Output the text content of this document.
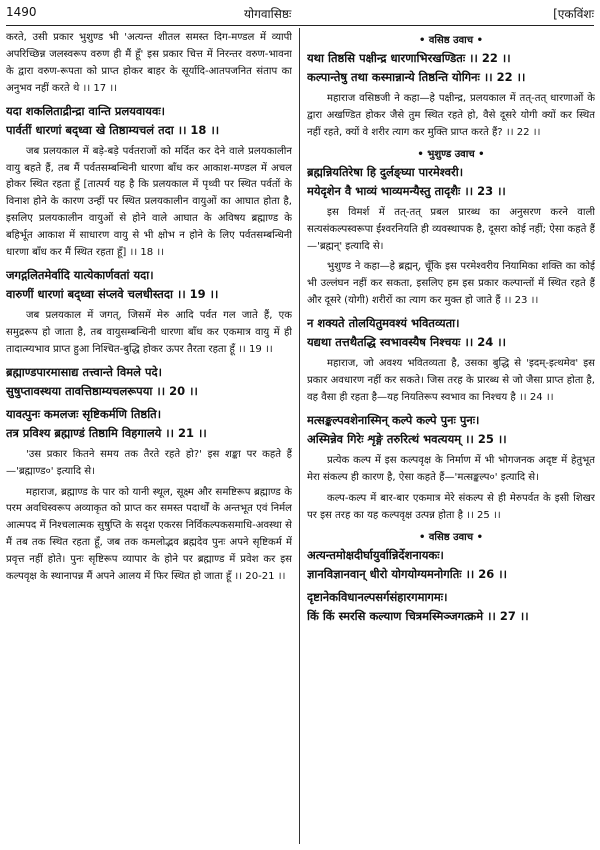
1490	योगवासिष्ठः	[एकविंशः

करते, उसी प्रकार भुशुण्ड भी 'अत्यन्त शीतल समस्त दिग-मण्डल में व्यापी अपरिच्छिन्न जलस्वरूप वरुण ही मैं हूँ' इस प्रकार चित्त में निरन्तर वरुण-भावना के द्वारा वरुण-रूपता को प्राप्त होकर बाहर के सूर्यादि-आतपजनित संताप का अनुभव नहीं करते थे ।। 17 ।।

यदा शकलिताद्रीन्द्रा वान्ति प्रलयवायवः।
पार्वतीं धारणां बद्ध्वा खे तिष्ठाम्यचलं तदा ।। 18 ।।

जब प्रलयकाल में बड़े-बड़े पर्वतराजों को मर्दित कर देने वाले प्रलयकालीन वायु बहते हैं, तब मैं पर्वतसम्बन्धिनी धारणा बाँध कर आकाश-मण्डल में अचल होकर स्थित रहता हूँ [तात्पर्य यह है कि प्रलयकाल में पृथ्वी पर स्थित पर्वतों के विनाश होने के कारण उन्हीं पर स्थित प्रलयकालीन वायुओं का आघात होता है, इसलिए प्रलयकालीन वायुओं से होने वाले आघात के अविषय ब्रह्माण्ड के बहिर्भूत आकाश में साधारण वायु से भी क्षोभ न होने के लिए पर्वतसम्बन्धिनी धारणा बाँध कर मैं स्थित रहता हूँ] ।। 18 ।।

जगद्गलितमेर्वादि यात्येकार्णवतां यदा।
वारुणीं धारणां बद्ध्वा संप्लवे चलधीस्तदा ।। 19 ।।

जब प्रलयकाल में जगत्, जिसमें मेरु आदि पर्वत गल जाते हैं, एक समुद्ररूप हो जाता है, तब वायुसम्बन्धिनी धारणा बाँध कर एकमात्र वायु में ही तादात्म्यभाव प्राप्त हुआ निश्चित-बुद्धि होकर ऊपर तैरता रहता हूँ ।। 19 ।।

ब्रह्माण्डपारमासाद्य तत्त्वान्ते विमले पदे।
सुषुप्तावस्थया तावत्तिष्ठाम्यचलरूपया ।। 20 ।।
यावत्पुनः कमलजः सृष्टिकर्मणि तिष्ठति।
तत्र प्रविश्य ब्रह्माण्डं तिष्ठामि विहगालये ।। 21 ।।

'उस प्रकार कितने समय तक तैरते रहते हो?' इस शङ्का पर कहते हैं—'ब्रह्माण्ड०' इत्यादि से।

महाराज, ब्रह्माण्ड के पार को यानी स्थूल, सूक्ष्म और समष्टिरूप ब्रह्माण्ड के परम अवधिस्वरूप अव्याकृत को प्राप्त कर समस्त पदार्थों के अन्तभूत एवं निर्मल आत्मपद में निश्चलात्मक सुषुप्ति के सदृश एकरस निर्विकल्पकसमाधि-अवस्था से मैं तब तक स्थित रहता हूँ, जब तक कमलोद्भव ब्रह्मदेव पुनः अपने सृष्टिकर्म में प्रवृत्त नहीं होते। पुनः सृष्टिरूप व्यापार के होने पर ब्रह्माण्ड में प्रवेश कर इस कल्पवृक्ष के स्थानापन्न मैं अपने आलय में फिर स्थित हो जाता हूँ ।। 20-21 ।।

• वसिष्ठ उवाच •
यथा तिष्ठसि पक्षीन्द्र धारणाभिरखण्डितः ।। 22 ।।
कल्पान्तेषु तथा कस्मान्नान्ये तिष्ठन्ति योगिनः ।। 22 ।।

महाराज वसिष्ठजी ने कहा—हे पक्षीन्द्र, प्रलयकाल में तत्-तत् धारणाओं के द्वारा अखण्डित होकर जैसे तुम स्थित रहते हो, वैसे दूसरे योगी क्यों कर स्थित नहीं रहते, क्यों वे शरीर त्याग कर मुक्ति प्राप्त करते हैं? ।। 22 ।।

• भुशुण्ड उवाच •
ब्रह्मन्नियतिरेषा हि दुर्लङ्घ्या पारमेश्वरी।
मयेदृशेन वै भाव्यं भाव्यमन्यैस्तु तादृशैः ।। 23 ।।

इस विमर्श में तत्-तत् प्रबल प्रारब्ध का अनुसरण करने वाली सत्यसंकल्पस्वरूपा ईश्वरनियति ही व्यवस्थापक है, दूसरा कोई नहीं; ऐसा कहते हैं—'ब्रह्मन्' इत्यादि से।

भुशुण्ड ने कहा—हे ब्रह्मन्, चूँकि इस परमेश्वरीय नियामिका शक्ति का कोई भी उल्लंघन नहीं कर सकता, इसलिए हम इस प्रकार कल्पान्तों में स्थित रहते हैं और दूसरे (योगी) शरीरों का त्याग कर मुक्त हो जाते हैं ।। 23 ।।

न शक्यते तोलयितुमवश्यं भवितव्यता।
यद्यथा तत्तथैतद्धि स्वभावस्यैष निश्चयः ।। 24 ।।

महाराज, जो अवश्य भवितव्यता है, उसका बुद्धि से 'इदम्-इत्थमेव' इस प्रकार अवधारण नहीं कर सकते। जिस तरह के प्रारब्ध से जो जैसा प्राप्त होता है, वह वैसा ही रहता है—यह नियतिरूप स्वभाव का निश्चय है ।। 24 ।।

मत्सङ्कल्पवशेनास्मिन् कल्पे कल्पे पुनः पुनः।
अस्मिन्नेव गिरेः शृङ्गे तरुरित्थं भवत्ययम् ।। 25 ।।

प्रत्येक कल्प में इस कल्पवृक्ष के निर्माण में भी भोगजनक अदृष्ट में हेतुभूत मेरा संकल्प ही कारण है, ऐसा कहते हैं—'मत्सङ्कल्प०' इत्यादि से।

कल्प-कल्प में बार-बार एकमात्र मेरे संकल्प से ही मेरुपर्वत के इसी शिखर पर इस तरह का यह कल्पवृक्ष उत्पन्न होता है ।। 25 ।।

• वसिष्ठ उवाच •
अत्यन्तमोक्षदीर्घायुर्वान्निर्देशनायकः।
ज्ञानविज्ञानवान् धीरो योगयोग्यमनोगतिः ।। 26 ।।
दृष्टानेकविधानल्पसर्गसंहारगमागमः।
किं किं स्मरसि कल्याण चित्रमस्मिञ्जगत्क्रमे ।। 27 ।।
